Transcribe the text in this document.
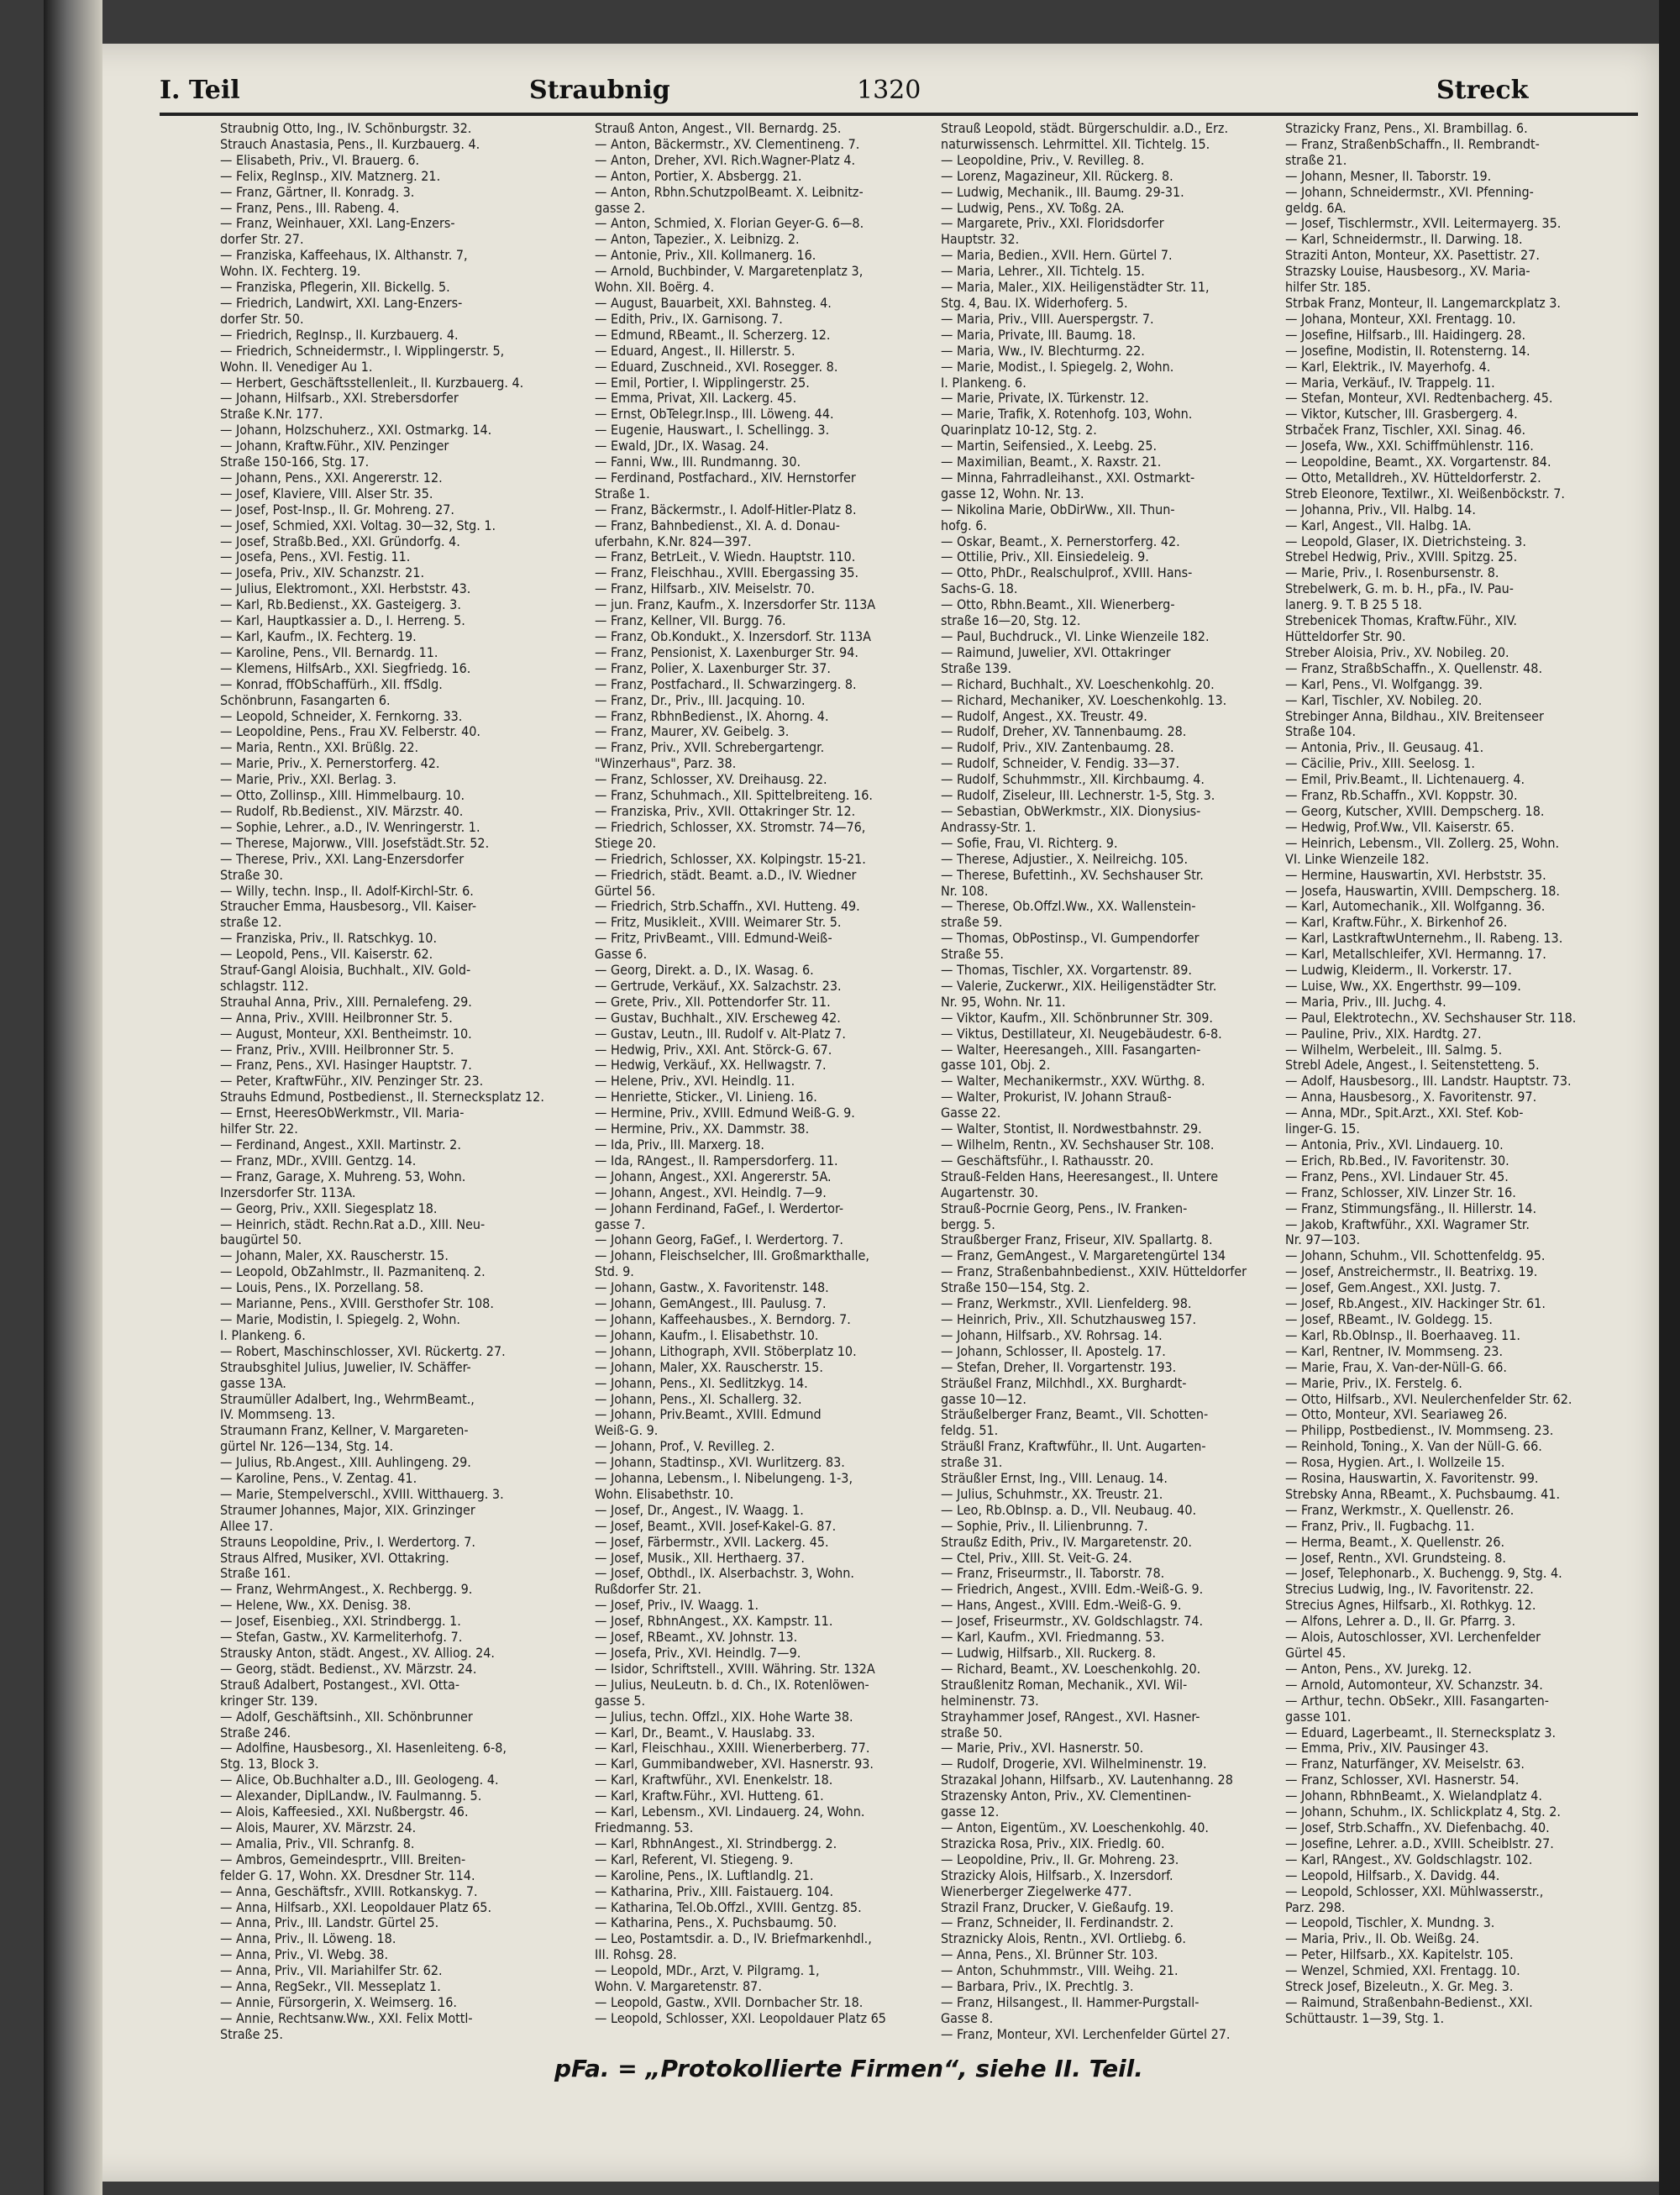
I. Teil	Straubnig	1320	Streck

Straubnig Otto, Ing., IV. Schönburgstr. 32.

Strauch Anastasia, Pens., II. Kurzbauerg. 4.

— Elisabeth, Priv., VI. Brauerg. 6.

— Felix, RegInsp., XIV. Matznerg. 21.

— Franz, Gärtner, II. Konradg. 3.

— Franz, Pens., III. Rabeng. 4.

— Franz, Weinhauer, XXI. Lang-Enzers-

dorfer Str. 27.

— Franziska, Kaffeehaus, IX. Althanstr. 7,

Wohn. IX. Fechterg. 19.

— Franziska, Pflegerin, XII. Bickellg. 5.

— Friedrich, Landwirt, XXI. Lang-Enzers-

dorfer Str. 50.

— Friedrich, RegInsp., II. Kurzbauerg. 4.

— Friedrich, Schneidermstr., I. Wipplingerstr. 5,

Wohn. II. Venediger Au 1.

— Herbert, Geschäftsstellenleit., II. Kurzbauerg. 4.

— Johann, Hilfsarb., XXI. Strebersdorfer

Straße K.Nr. 177.

— Johann, Holzschuherz., XXI. Ostmarkg. 14.

— Johann, Kraftw.Führ., XIV. Penzinger

Straße 150-166, Stg. 17.

— Johann, Pens., XXI. Angererstr. 12.

— Josef, Klaviere, VIII. Alser Str. 35.

— Josef, Post-Insp., II. Gr. Mohreng. 27.

— Josef, Schmied, XXI. Voltag. 30—32, Stg. 1.

— Josef, Straßb.Bed., XXI. Gründorfg. 4.

— Josefa, Pens., XVI. Festig. 11.

— Josefa, Priv., XIV. Schanzstr. 21.

— Julius, Elektromont., XXI. Herbststr. 43.

— Karl, Rb.Bedienst., XX. Gasteigerg. 3.

— Karl, Hauptkassier a. D., I. Herreng. 5.

— Karl, Kaufm., IX. Fechterg. 19.

— Karoline, Pens., VII. Bernardg. 11.

— Klemens, HilfsArb., XXI. Siegfriedg. 16.

— Konrad, ffObSchaffürh., XII. ffSdlg.

Schönbrunn, Fasangarten 6.

— Leopold, Schneider, X. Fernkorng. 33.

— Leopoldine, Pens., Frau XV. Felberstr. 40.

— Maria, Rentn., XXI. Brüßlg. 22.

— Marie, Priv., X. Pernerstorferg. 42.

— Marie, Priv., XXI. Berlag. 3.

— Otto, Zollinsp., XIII. Himmelbaurg. 10.

— Rudolf, Rb.Bedienst., XIV. Märzstr. 40.

— Sophie, Lehrer., a.D., IV. Wenringerstr. 1.

— Therese, Majorww., VIII. Josefstädt.Str. 52.

— Therese, Priv., XXI. Lang-Enzersdorfer

Straße 30.

— Willy, techn. Insp., II. Adolf-Kirchl-Str. 6.

Straucher Emma, Hausbesorg., VII. Kaiser-

straße 12.

— Franziska, Priv., II. Ratschkyg. 10.

— Leopold, Pens., VII. Kaiserstr. 62.

Strauf-Gangl Aloisia, Buchhalt., XIV. Gold-

schlagstr. 112.

Strauhal Anna, Priv., XIII. Pernalefeng. 29.

— Anna, Priv., XVIII. Heilbronner Str. 5.

— August, Monteur, XXI. Bentheimstr. 10.

— Franz, Priv., XVIII. Heilbronner Str. 5.

— Franz, Pens., XVI. Hasinger Hauptstr. 7.

— Peter, KraftwFühr., XIV. Penzinger Str. 23.

Strauhs Edmund, Postbedienst., II. Sternecksplatz 12.

— Ernst, HeeresObWerkmstr., VII. Maria-

hilfer Str. 22.

— Ferdinand, Angest., XXII. Martinstr. 2.

— Franz, MDr., XVIII. Gentzg. 14.

— Franz, Garage, X. Muhreng. 53, Wohn.

Inzersdorfer Str. 113A.

— Georg, Priv., XXII. Siegesplatz 18.

— Heinrich, städt. Rechn.Rat a.D., XIII. Neu-

baugürtel 50.

— Johann, Maler, XX. Rauscherstr. 15.

— Leopold, ObZahlmstr., II. Pazmanitenq. 2.

— Louis, Pens., IX. Porzellang. 58.

— Marianne, Pens., XVIII. Gersthofer Str. 108.

— Marie, Modistin, I. Spiegelg. 2, Wohn.

I. Plankeng. 6.

— Robert, Maschinschlosser, XVI. Rückertg. 27.

Straubsghitel Julius, Juwelier, IV. Schäffer-

gasse 13A.

Straumüller Adalbert, Ing., WehrmBeamt.,

IV. Mommseng. 13.

Straumann Franz, Kellner, V. Margareten-

gürtel Nr. 126—134, Stg. 14.

— Julius, Rb.Angest., XIII. Auhlingeng. 29.

— Karoline, Pens., V. Zentag. 41.

— Marie, Stempelverschl., XVIII. Witthauerg. 3.

Straumer Johannes, Major, XIX. Grinzinger

Allee 17.

Strauns Leopoldine, Priv., I. Werdertorg. 7.

Straus Alfred, Musiker, XVI. Ottakring.

Straße 161.

— Franz, WehrmAngest., X. Rechbergg. 9.

— Helene, Ww., XX. Denisg. 38.

— Josef, Eisenbieg., XXI. Strindbergg. 1.

— Stefan, Gastw., XV. Karmeliterhofg. 7.

Strausky Anton, städt. Angest., XV. Alliog. 24.

— Georg, städt. Bedienst., XV. Märzstr. 24.

Strauß Adalbert, Postangest., XVI. Otta-

kringer Str. 139.

— Adolf, Geschäftsinh., XII. Schönbrunner

Straße 246.

— Adolfine, Hausbesorg., XI. Hasenleiteng. 6-8,

Stg. 13, Block 3.

— Alice, Ob.Buchhalter a.D., III. Geologeng. 4.

— Alexander, DiplLandw., IV. Faulmanng. 5.

— Alois, Kaffeesied., XXI. Nußbergstr. 46.

— Alois, Maurer, XV. Märzstr. 24.

— Amalia, Priv., VII. Schranfg. 8.

— Ambros, Gemeindesprtr., VIII. Breiten-

felder G. 17, Wohn. XX. Dresdner Str. 114.

— Anna, Geschäftsfr., XVIII. Rotkanskyg. 7.

— Anna, Hilfsarb., XXI. Leopoldauer Platz 65.

— Anna, Priv., III. Landstr. Gürtel 25.

— Anna, Priv., II. Löweng. 18.

— Anna, Priv., VI. Webg. 38.

— Anna, Priv., VII. Mariahilfer Str. 62.

— Anna, RegSekr., VII. Messeplatz 1.

— Annie, Fürsorgerin, X. Weimserg. 16.

— Annie, Rechtsanw.Ww., XXI. Felix Mottl-

Straße 25.

Strauß Anton, Angest., VII. Bernardg. 25.

— Anton, Bäckermstr., XV. Clementineng. 7.

— Anton, Dreher, XVI. Rich.Wagner-Platz 4.

— Anton, Portier, X. Absbergg. 21.

— Anton, Rbhn.SchutzpolBeamt. X. Leibnitz-

gasse 2.

— Anton, Schmied, X. Florian Geyer-G. 6—8.

— Anton, Tapezier., X. Leibnizg. 2.

— Antonie, Priv., XII. Kollmanerg. 16.

— Arnold, Buchbinder, V. Margaretenplatz 3,

Wohn. XII. Boërg. 4.

— August, Bauarbeit, XXI. Bahnsteg. 4.

— Edith, Priv., IX. Garnisong. 7.

— Edmund, RBeamt., II. Scherzerg. 12.

— Eduard, Angest., II. Hillerstr. 5.

— Eduard, Zuschneid., XVI. Rosegger. 8.

— Emil, Portier, I. Wipplingerstr. 25.

— Emma, Privat, XII. Lackerg. 45.

— Ernst, ObTelegr.Insp., III. Löweng. 44.

— Eugenie, Hauswart., I. Schellingg. 3.

— Ewald, JDr., IX. Wasag. 24.

— Fanni, Ww., III. Rundmanng. 30.

— Ferdinand, Postfachard., XIV. Hernstorfer

Straße 1.

— Franz, Bäckermstr., I. Adolf-Hitler-Platz 8.

— Franz, Bahnbedienst., XI. A. d. Donau-

uferbahn, K.Nr. 824—397.

— Franz, BetrLeit., V. Wiedn. Hauptstr. 110.

— Franz, Fleischhau., XVIII. Ebergassing 35.

— Franz, Hilfsarb., XIV. Meiselstr. 70.

— jun. Franz, Kaufm., X. Inzersdorfer Str. 113A

— Franz, Kellner, VII. Burgg. 76.

— Franz, Ob.Kondukt., X. Inzersdorf. Str. 113A

— Franz, Pensionist, X. Laxenburger Str. 94.

— Franz, Polier, X. Laxenburger Str. 37.

— Franz, Postfachard., II. Schwarzingerg. 8.

— Franz, Dr., Priv., III. Jacquing. 10.

— Franz, RbhnBedienst., IX. Ahorng. 4.

— Franz, Maurer, XV. Geibelg. 3.

— Franz, Priv., XVII. Schrebergartengr.

"Winzerhaus", Parz. 38.

— Franz, Schlosser, XV. Dreihausg. 22.

— Franz, Schuhmach., XII. Spittelbreiteng. 16.

— Franziska, Priv., XVII. Ottakringer Str. 12.

— Friedrich, Schlosser, XX. Stromstr. 74—76,

Stiege 20.

— Friedrich, Schlosser, XX. Kolpingstr. 15-21.

— Friedrich, städt. Beamt. a.D., IV. Wiedner

Gürtel 56.

— Friedrich, Strb.Schaffn., XVI. Hutteng. 49.

— Fritz, Musikleit., XVIII. Weimarer Str. 5.

— Fritz, PrivBeamt., VIII. Edmund-Weiß-

Gasse 6.

— Georg, Direkt. a. D., IX. Wasag. 6.

— Gertrude, Verkäuf., XX. Salzachstr. 23.

— Grete, Priv., XII. Pottendorfer Str. 11.

— Gustav, Buchhalt., XIV. Erscheweg 42.

— Gustav, Leutn., III. Rudolf v. Alt-Platz 7.

— Hedwig, Priv., XXI. Ant. Störck-G. 67.

— Hedwig, Verkäuf., XX. Hellwagstr. 7.

— Helene, Priv., XVI. Heindlg. 11.

— Henriette, Sticker., VI. Linieng. 16.

— Hermine, Priv., XVIII. Edmund Weiß-G. 9.

— Hermine, Priv., XX. Dammstr. 38.

— Ida, Priv., III. Marxerg. 18.

— Ida, RAngest., II. Rampersdorferg. 11.

— Johann, Angest., XXI. Angererstr. 5A.

— Johann, Angest., XVI. Heindlg. 7—9.

— Johann Ferdinand, FaGef., I. Werdertor-

gasse 7.

— Johann Georg, FaGef., I. Werdertorg. 7.

— Johann, Fleischselcher, III. Großmarkthalle,

Std. 9.

— Johann, Gastw., X. Favoritenstr. 148.

— Johann, GemAngest., III. Paulusg. 7.

— Johann, Kaffeehausbes., X. Berndorg. 7.

— Johann, Kaufm., I. Elisabethstr. 10.

— Johann, Lithograph, XVII. Stöberplatz 10.

— Johann, Maler, XX. Rauscherstr. 15.

— Johann, Pens., XI. Sedlitzkyg. 14.

— Johann, Pens., XI. Schallerg. 32.

— Johann, Priv.Beamt., XVIII. Edmund

Weiß-G. 9.

— Johann, Prof., V. Revilleg. 2.

— Johann, Stadtinsp., XVI. Wurlitzerg. 83.

— Johanna, Lebensm., I. Nibelungeng. 1-3,

Wohn. Elisabethstr. 10.

— Josef, Dr., Angest., IV. Waagg. 1.

— Josef, Beamt., XVII. Josef-Kakel-G. 87.

— Josef, Färbermstr., XVII. Lackerg. 45.

— Josef, Musik., XII. Herthaerg. 37.

— Josef, Obthdl., IX. Alserbachstr. 3, Wohn.

Rußdorfer Str. 21.

— Josef, Priv., IV. Waagg. 1.

— Josef, RbhnAngest., XX. Kampstr. 11.

— Josef, RBeamt., XV. Johnstr. 13.

— Josefa, Priv., XVI. Heindlg. 7—9.

— Isidor, Schriftstell., XVIII. Währing. Str. 132A

— Julius, NeuLeutn. b. d. Ch., IX. Rotenlöwen-

gasse 5.

— Julius, techn. Offzl., XIX. Hohe Warte 38.

— Karl, Dr., Beamt., V. Hauslabg. 33.

— Karl, Fleischhau., XXIII. Wienerberberg. 77.

— Karl, Gummibandweber, XVI. Hasnerstr. 93.

— Karl, Kraftwführ., XVI. Enenkelstr. 18.

— Karl, Kraftw.Führ., XVI. Hutteng. 61.

— Karl, Lebensm., XVI. Lindauerg. 24, Wohn.

Friedmanng. 53.

— Karl, RbhnAngest., XI. Strindbergg. 2.

— Karl, Referent, VI. Stiegeng. 9.

— Karoline, Pens., IX. Luftlandlg. 21.

— Katharina, Priv., XIII. Faistauerg. 104.

— Katharina, Tel.Ob.Offzl., XVIII. Gentzg. 85.

— Katharina, Pens., X. Puchsbaumg. 50.

— Leo, Postamtsdir. a. D., IV. Briefmarkenhdl.,

III. Rohsg. 28.

— Leopold, MDr., Arzt, V. Pilgramg. 1,

Wohn. V. Margaretenstr. 87.

— Leopold, Gastw., XVII. Dornbacher Str. 18.

— Leopold, Schlosser, XXI. Leopoldauer Platz 65

Strauß Leopold, städt. Bürgerschuldir. a.D., Erz.

naturwissensch. Lehrmittel. XII. Tichtelg. 15.

— Leopoldine, Priv., V. Revilleg. 8.

— Lorenz, Magazineur, XII. Rückerg. 8.

— Ludwig, Mechanik., III. Baumg. 29-31.

— Ludwig, Pens., XV. Toßg. 2A.

— Margarete, Priv., XXI. Floridsdorfer

Hauptstr. 32.

— Maria, Bedien., XVII. Hern. Gürtel 7.

— Maria, Lehrer., XII. Tichtelg. 15.

— Maria, Maler., XIX. Heiligenstädter Str. 11,

Stg. 4, Bau. IX. Widerhoferg. 5.

— Maria, Priv., VIII. Auerspergstr. 7.

— Maria, Private, III. Baumg. 18.

— Maria, Ww., IV. Blechturmg. 22.

— Marie, Modist., I. Spiegelg. 2, Wohn.

I. Plankeng. 6.

— Marie, Private, IX. Türkenstr. 12.

— Marie, Trafik, X. Rotenhofg. 103, Wohn.

Quarinplatz 10-12, Stg. 2.

— Martin, Seifensied., X. Leebg. 25.

— Maximilian, Beamt., X. Raxstr. 21.

— Minna, Fahrradleihanst., XXI. Ostmarkt-

gasse 12, Wohn. Nr. 13.

— Nikolina Marie, ObDirWw., XII. Thun-

hofg. 6.

— Oskar, Beamt., X. Pernerstorferg. 42.

— Ottilie, Priv., XII. Einsiedeleig. 9.

— Otto, PhDr., Realschulprof., XVIII. Hans-

Sachs-G. 18.

— Otto, Rbhn.Beamt., XII. Wienerberg-

straße 16—20, Stg. 12.

— Paul, Buchdruck., VI. Linke Wienzeile 182.

— Raimund, Juwelier, XVI. Ottakringer

Straße 139.

— Richard, Buchhalt., XV. Loeschenkohlg. 20.

— Richard, Mechaniker, XV. Loeschenkohlg. 13.

— Rudolf, Angest., XX. Treustr. 49.

— Rudolf, Dreher, XV. Tannenbaumg. 28.

— Rudolf, Priv., XIV. Zantenbaumg. 28.

— Rudolf, Schneider, V. Fendig. 33—37.

— Rudolf, Schuhmmstr., XII. Kirchbaumg. 4.

— Rudolf, Ziseleur, III. Lechnerstr. 1-5, Stg. 3.

— Sebastian, ObWerkmstr., XIX. Dionysius-

Andrassy-Str. 1.

— Sofie, Frau, VI. Richterg. 9.

— Therese, Adjustier., X. Neilreichg. 105.

— Therese, Bufettinh., XV. Sechshauser Str.

Nr. 108.

— Therese, Ob.Offzl.Ww., XX. Wallenstein-

straße 59.

— Thomas, ObPostinsp., VI. Gumpendorfer

Straße 55.

— Thomas, Tischler, XX. Vorgartenstr. 89.

— Valerie, Zuckerwr., XIX. Heiligenstädter Str.

Nr. 95, Wohn. Nr. 11.

— Viktor, Kaufm., XII. Schönbrunner Str. 309.

— Viktus, Destillateur, XI. Neugebäudestr. 6-8.

— Walter, Heeresangeh., XIII. Fasangarten-

gasse 101, Obj. 2.

— Walter, Mechanikermstr., XXV. Würthg. 8.

— Walter, Prokurist, IV. Johann Strauß-

Gasse 22.

— Walter, Stontist, II. Nordwestbahnstr. 29.

— Wilhelm, Rentn., XV. Sechshauser Str. 108.

— Geschäftsführ., I. Rathausstr. 20.

Strauß-Felden Hans, Heeresangest., II. Untere

Augartenstr. 30.

Strauß-Pocrnie Georg, Pens., IV. Franken-

bergg. 5.

Straußberger Franz, Friseur, XIV. Spallartg. 8.

— Franz, GemAngest., V. Margaretengürtel 134

— Franz, Straßenbahnbedienst., XXIV. Hütteldorfer

Straße 150—154, Stg. 2.

— Franz, Werkmstr., XVII. Lienfelderg. 98.

— Heinrich, Priv., XII. Schutzhausweg 157.

— Johann, Hilfsarb., XV. Rohrsag. 14.

— Johann, Schlosser, II. Apostelg. 17.

— Stefan, Dreher, II. Vorgartenstr. 193.

Sträußel Franz, Milchhdl., XX. Burghardt-

gasse 10—12.

Sträußelberger Franz, Beamt., VII. Schotten-

feldg. 51.

Sträußl Franz, Kraftwführ., II. Unt. Augarten-

straße 31.

Sträußler Ernst, Ing., VIII. Lenaug. 14.

— Julius, Schuhmstr., XX. Treustr. 21.

— Leo, Rb.ObInsp. a. D., VII. Neubaug. 40.

— Sophie, Priv., II. Lilienbrunng. 7.

Straußz Edith, Priv., IV. Margaretenstr. 20.

— Ctel, Priv., XIII. St. Veit-G. 24.

— Franz, Friseurmstr., II. Taborstr. 78.

— Friedrich, Angest., XVIII. Edm.-Weiß-G. 9.

— Hans, Angest., XVIII. Edm.-Weiß-G. 9.

— Josef, Friseurmstr., XV. Goldschlagstr. 74.

— Karl, Kaufm., XVI. Friedmanng. 53.

— Ludwig, Hilfsarb., XII. Ruckerg. 8.

— Richard, Beamt., XV. Loeschenkohlg. 20.

Straußlenitz Roman, Mechanik., XVI. Wil-

helminenstr. 73.

Strayhammer Josef, RAngest., XVI. Hasner-

straße 50.

— Marie, Priv., XVI. Hasnerstr. 50.

— Rudolf, Drogerie, XVI. Wilhelminenstr. 19.

Strazakal Johann, Hilfsarb., XV. Lautenhanng. 28

Strazensky Anton, Priv., XV. Clementinen-

gasse 12.

— Anton, Eigentüm., XV. Loeschenkohlg. 40.

Strazicka Rosa, Priv., XIX. Friedlg. 60.

— Leopoldine, Priv., II. Gr. Mohreng. 23.

Strazicky Alois, Hilfsarb., X. Inzersdorf.

Wienerberger Ziegelwerke 477.

Strazil Franz, Drucker, V. Gießaufg. 19.

— Franz, Schneider, II. Ferdinandstr. 2.

Straznicky Alois, Rentn., XVI. Ortliebg. 6.

— Anna, Pens., XI. Brünner Str. 103.

— Anton, Schuhmmstr., VIII. Weihg. 21.

— Barbara, Priv., IX. Prechtlg. 3.

— Franz, Hilsangest., II. Hammer-Purgstall-

Gasse 8.

— Franz, Monteur, XVI. Lerchenfelder Gürtel 27.

Strazicky Franz, Pens., XI. Brambillag. 6.

— Franz, StraßenbSchaffn., II. Rembrandt-

straße 21.

— Johann, Mesner, II. Taborstr. 19.

— Johann, Schneidermstr., XVI. Pfenning-

geldg. 6A.

— Josef, Tischlermstr., XVII. Leitermayerg. 35.

— Karl, Schneidermstr., II. Darwing. 18.

Straziti Anton, Monteur, XX. Pasettistr. 27.

Strazsky Louise, Hausbesorg., XV. Maria-

hilfer Str. 185.

Strbak Franz, Monteur, II. Langemarckplatz 3.

— Johana, Monteur, XXI. Frentagg. 10.

— Josefine, Hilfsarb., III. Haidingerg. 28.

— Josefine, Modistin, II. Rotensterng. 14.

— Karl, Elektrik., IV. Mayerhofg. 4.

— Maria, Verkäuf., IV. Trappelg. 11.

— Stefan, Monteur, XVI. Redtenbacherg. 45.

— Viktor, Kutscher, III. Grasbergerg. 4.

Strbaček Franz, Tischler, XXI. Sinag. 46.

— Josefa, Ww., XXI. Schiffmühlenstr. 116.

— Leopoldine, Beamt., XX. Vorgartenstr. 84.

— Otto, Metalldreh., XV. Hütteldorferstr. 2.

Streb Eleonore, Textilwr., XI. Weißenböckstr. 7.

— Johanna, Priv., VII. Halbg. 14.

— Karl, Angest., VII. Halbg. 1A.

— Leopold, Glaser, IX. Dietrichsteing. 3.

Strebel Hedwig, Priv., XVIII. Spitzg. 25.

— Marie, Priv., I. Rosenbursenstr. 8.

Strebelwerk, G. m. b. H., pFa., IV. Pau-

lanerg. 9. T. B 25 5 18.

Strebenicek Thomas, Kraftw.Führ., XIV.

Hütteldorfer Str. 90.

Streber Aloisia, Priv., XV. Nobileg. 20.

— Franz, StraßbSchaffn., X. Quellenstr. 48.

— Karl, Pens., VI. Wolfgangg. 39.

— Karl, Tischler, XV. Nobileg. 20.

Strebinger Anna, Bildhau., XIV. Breitenseer

Straße 104.

— Antonia, Priv., II. Geusaug. 41.

— Cäcilie, Priv., XIII. Seelosg. 1.

— Emil, Priv.Beamt., II. Lichtenauerg. 4.

— Franz, Rb.Schaffn., XVI. Koppstr. 30.

— Georg, Kutscher, XVIII. Dempscherg. 18.

— Hedwig, Prof.Ww., VII. Kaiserstr. 65.

— Heinrich, Lebensm., VII. Zollerg. 25, Wohn.

VI. Linke Wienzeile 182.

— Hermine, Hauswartin, XVI. Herbststr. 35.

— Josefa, Hauswartin, XVIII. Dempscherg. 18.

— Karl, Automechanik., XII. Wolfganng. 36.

— Karl, Kraftw.Führ., X. Birkenhof 26.

— Karl, LastkraftwUnternehm., II. Rabeng. 13.

— Karl, Metallschleifer, XVI. Hermanng. 17.

— Ludwig, Kleiderm., II. Vorkerstr. 17.

— Luise, Ww., XX. Engerthstr. 99—109.

— Maria, Priv., III. Juchg. 4.

— Paul, Elektrotechn., XV. Sechshauser Str. 118.

— Pauline, Priv., XIX. Hardtg. 27.

— Wilhelm, Werbeleit., III. Salmg. 5.

Strebl Adele, Angest., I. Seitenstetteng. 5.

— Adolf, Hausbesorg., III. Landstr. Hauptstr. 73.

— Anna, Hausbesorg., X. Favoritenstr. 97.

— Anna, MDr., Spit.Arzt., XXI. Stef. Kob-

linger-G. 15.

— Antonia, Priv., XVI. Lindauerg. 10.

— Erich, Rb.Bed., IV. Favoritenstr. 30.

— Franz, Pens., XVI. Lindauer Str. 45.

— Franz, Schlosser, XIV. Linzer Str. 16.

— Franz, Stimmungsfäng., II. Hillerstr. 14.

— Jakob, Kraftwführ., XXI. Wagramer Str.

Nr. 97—103.

— Johann, Schuhm., VII. Schottenfeldg. 95.

— Josef, Anstreichermstr., II. Beatrixg. 19.

— Josef, Gem.Angest., XXI. Justg. 7.

— Josef, Rb.Angest., XIV. Hackinger Str. 61.

— Josef, RBeamt., IV. Goldegg. 15.

— Karl, Rb.ObInsp., II. Boerhaaveg. 11.

— Karl, Rentner, IV. Mommseng. 23.

— Marie, Frau, X. Van-der-Nüll-G. 66.

— Marie, Priv., IX. Ferstelg. 6.

— Otto, Hilfsarb., XVI. Neulerchenfelder Str. 62.

— Otto, Monteur, XVI. Seariaweg 26.

— Philipp, Postbedienst., IV. Mommseng. 23.

— Reinhold, Toning., X. Van der Nüll-G. 66.

— Rosa, Hygien. Art., I. Wollzeile 15.

— Rosina, Hauswartin, X. Favoritenstr. 99.

Strebsky Anna, RBeamt., X. Puchsbaumg. 41.

— Franz, Werkmstr., X. Quellenstr. 26.

— Franz, Priv., II. Fugbachg. 11.

— Herma, Beamt., X. Quellenstr. 26.

— Josef, Rentn., XVI. Grundsteing. 8.

— Josef, Telephonarb., X. Buchengg. 9, Stg. 4.

Strecius Ludwig, Ing., IV. Favoritenstr. 22.

Strecius Agnes, Hilfsarb., XI. Rothkyg. 12.

— Alfons, Lehrer a. D., II. Gr. Pfarrg. 3.

— Alois, Autoschlosser, XVI. Lerchenfelder

Gürtel 45.

— Anton, Pens., XV. Jurekg. 12.

— Arnold, Automonteur, XV. Schanzstr. 34.

— Arthur, techn. ObSekr., XIII. Fasangarten-

gasse 101.

— Eduard, Lagerbeamt., II. Sternecksplatz 3.

— Emma, Priv., XIV. Pausinger 43.

— Franz, Naturfänger, XV. Meiselstr. 63.

— Franz, Schlosser, XVI. Hasnerstr. 54.

— Johann, RbhnBeamt., X. Wielandplatz 4.

— Johann, Schuhm., IX. Schlickplatz 4, Stg. 2.

— Josef, Strb.Schaffn., XV. Diefenbachg. 40.

— Josefine, Lehrer. a.D., XVIII. Scheiblstr. 27.

— Karl, RAngest., XV. Goldschlagstr. 102.

— Leopold, Hilfsarb., X. Davidg. 44.

— Leopold, Schlosser, XXI. Mühlwasserstr.,

Parz. 298.

— Leopold, Tischler, X. Mundng. 3.

— Maria, Priv., II. Ob. Weißg. 24.

— Peter, Hilfsarb., XX. Kapitelstr. 105.

— Wenzel, Schmied, XXI. Frentagg. 10.

Streck Josef, Bizeleutn., X. Gr. Meg. 3.

— Raimund, Straßenbahn-Bedienst., XXI.

Schüttaustr. 1—39, Stg. 1.

pFa. = „Protokollierte Firmen“, siehe II. Teil.
